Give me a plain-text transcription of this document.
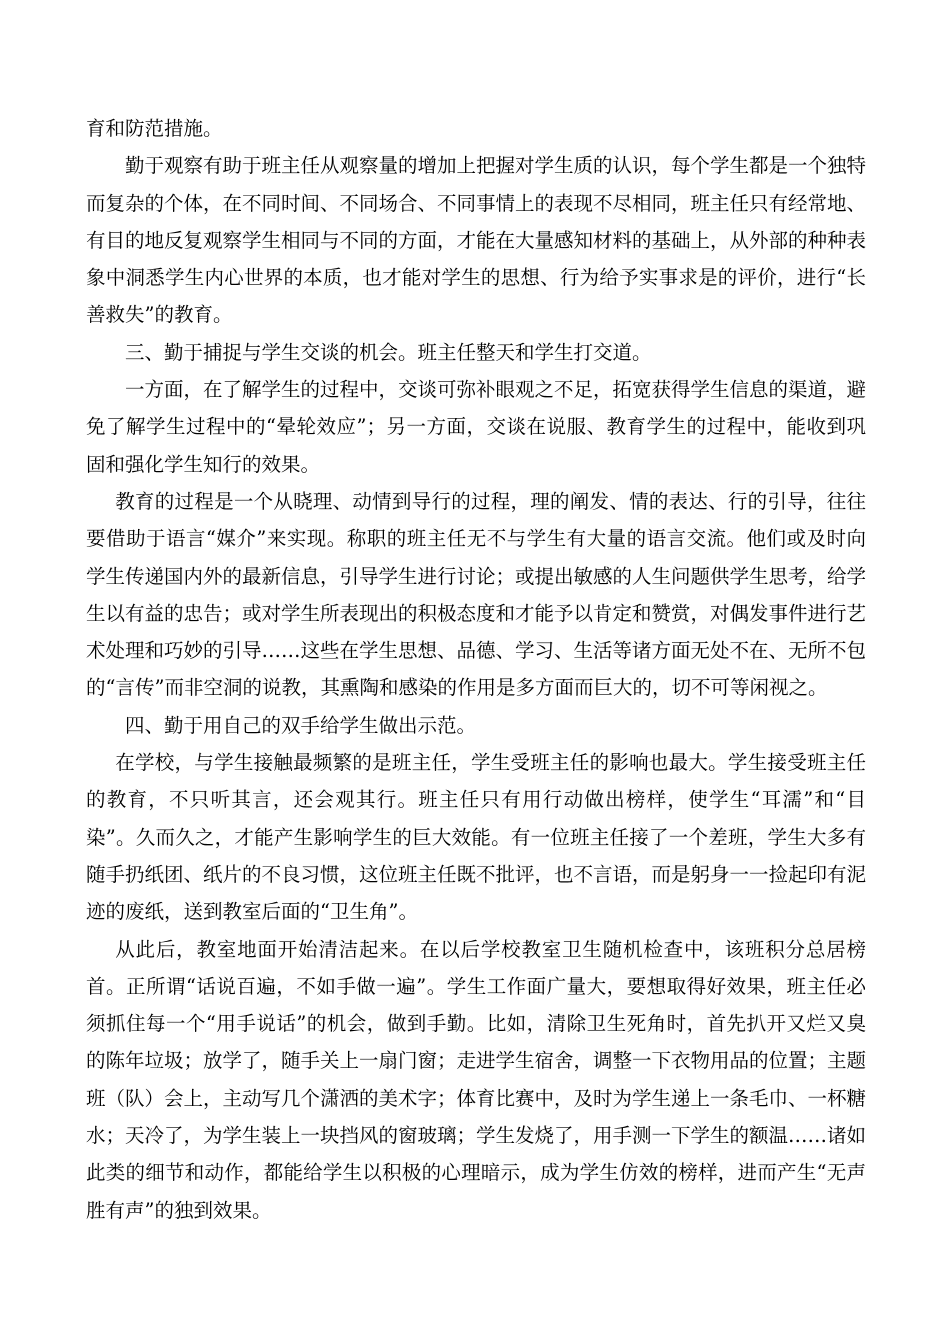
育和防范措施。

勤于观察有助于班主任从观察量的增加上把握对学生质的认识，每个学生都是一个独特而复杂的个体，在不同时间、不同场合、不同事情上的表现不尽相同，班主任只有经常地、有目的地反复观察学生相同与不同的方面，才能在大量感知材料的基础上，从外部的种种表象中洞悉学生内心世界的本质，也才能对学生的思想、行为给予实事求是的评价，进行“长善救失”的教育。

三、勤于捕捉与学生交谈的机会。班主任整天和学生打交道。

一方面，在了解学生的过程中，交谈可弥补眼观之不足，拓宽获得学生信息的渠道，避免了解学生过程中的“晕轮效应”；另一方面，交谈在说服、教育学生的过程中，能收到巩固和强化学生知行的效果。

教育的过程是一个从晓理、动情到导行的过程，理的阐发、情的表达、行的引导，往往要借助于语言“媒介”来实现。称职的班主任无不与学生有大量的语言交流。他们或及时向学生传递国内外的最新信息，引导学生进行讨论；或提出敏感的人生问题供学生思考，给学生以有益的忠告；或对学生所表现出的积极态度和才能予以肯定和赞赏，对偶发事件进行艺术处理和巧妙的引导……这些在学生思想、品德、学习、生活等诸方面无处不在、无所不包的“言传”而非空洞的说教，其熏陶和感染的作用是多方面而巨大的，切不可等闲视之。

四、勤于用自己的双手给学生做出示范。

在学校，与学生接触最频繁的是班主任，学生受班主任的影响也最大。学生接受班主任的教育，不只听其言，还会观其行。班主任只有用行动做出榜样，使学生“耳濡”和“目染”。久而久之，才能产生影响学生的巨大效能。有一位班主任接了一个差班，学生大多有随手扔纸团、纸片的不良习惯，这位班主任既不批评，也不言语，而是躬身一一捡起印有泥迹的废纸，送到教室后面的“卫生角”。

从此后，教室地面开始清洁起来。在以后学校教室卫生随机检查中，该班积分总居榜首。正所谓“话说百遍，不如手做一遍”。学生工作面广量大，要想取得好效果，班主任必须抓住每一个“用手说话”的机会，做到手勤。比如，清除卫生死角时，首先扒开又烂又臭的陈年垃圾；放学了，随手关上一扇门窗；走进学生宿舍，调整一下衣物用品的位置；主题班（队）会上，主动写几个潇洒的美术字；体育比赛中，及时为学生递上一条毛巾、一杯糖水；天冷了，为学生装上一块挡风的窗玻璃；学生发烧了，用手测一下学生的额温……诸如此类的细节和动作，都能给学生以积极的心理暗示，成为学生仿效的榜样，进而产生“无声胜有声”的独到效果。
